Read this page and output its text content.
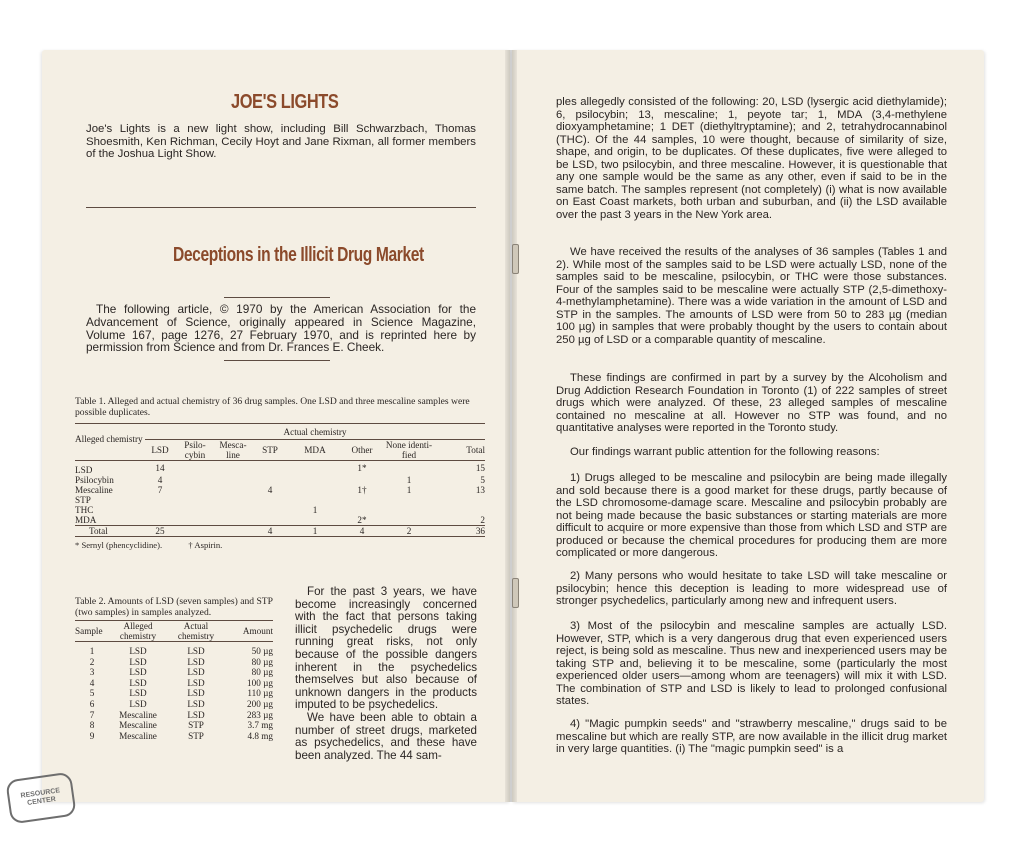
JOE'S LIGHTS

Joe's Lights is a new light show, including Bill Schwarzbach, Thomas Shoesmith, Ken Richman, Cecily Hoyt and Jane Rixman, all former members of the Joshua Light Show.

Deceptions in the Illicit Drug Market

The following article, © 1970 by the American Association for the Advancement of Science, originally appeared in Science Magazine, Volume 167, page 1276, 27 February 1970, and is reprinted here by permission from Science and from Dr. Frances E. Cheek.

Table 1. Alleged and actual chemistry of 36 drug samples. One LSD and three mescaline samples were possible duplicates.

Alleged chemistry	Actual chemistry							
	LSD	Psilo-cybin	Mesca-line	STP	MDA	Other	None identi-fied	Total
LSD	14					1*		15
Psilocybin	4						1	5
Mescaline	7			4		1†	1	13
STP								
THC					1			
MDA						2*		2
Total	25			4	1	4	2	36
* Sernyl (phencyclidine). † Aspirin.								

Table 2. Amounts of LSD (seven samples) and STP (two samples) in samples analyzed.

Sample	Alleged chemistry	Actual chemistry	Amount
1	LSD	LSD	50 µg
2	LSD	LSD	80 µg
3	LSD	LSD	80 µg
4	LSD	LSD	100 µg
5	LSD	LSD	110 µg
6	LSD	LSD	200 µg
7	Mescaline	LSD	283 µg
8	Mescaline	STP	3.7 mg
9	Mescaline	STP	4.8 mg

For the past 3 years, we have become increasingly concerned with the fact that persons taking illicit psychedelic drugs were running great risks, not only because of the possible dangers inherent in the psychedelics themselves but also because of unknown dangers in the products imputed to be psychedelics.

We have been able to obtain a number of street drugs, marketed as psychedelics, and these have been analyzed. The 44 sam-

ples allegedly consisted of the following: 20, LSD (lysergic acid diethylamide); 6, psilocybin; 13, mescaline; 1, peyote tar; 1, MDA (3,4-methylene dioxyamphetamine; 1 DET (diethyltryptamine); and 2, tetrahydrocannabinol (THC). Of the 44 samples, 10 were thought, because of similarity of size, shape, and origin, to be duplicates. Of these duplicates, five were alleged to be LSD, two psilocybin, and three mescaline. However, it is questionable that any one sample would be the same as any other, even if said to be in the same batch. The samples represent (not completely) (i) what is now available on East Coast markets, both urban and suburban, and (ii) the LSD available over the past 3 years in the New York area.

We have received the results of the analyses of 36 samples (Tables 1 and 2). While most of the samples said to be LSD were actually LSD, none of the samples said to be mescaline, psilocybin, or THC were those substances. Four of the samples said to be mescaline were actually STP (2,5-dimethoxy-4-methylamphetamine). There was a wide variation in the amount of LSD and STP in the samples. The amounts of LSD were from 50 to 283 µg (median 100 µg) in samples that were probably thought by the users to contain about 250 µg of LSD or a comparable quantity of mescaline.

These findings are confirmed in part by a survey by the Alcoholism and Drug Addiction Research Foundation in Toronto (1) of 222 samples of street drugs which were analyzed. Of these, 23 alleged samples of mescaline contained no mescaline at all. However no STP was found, and no quantitative analyses were reported in the Toronto study.

Our findings warrant public attention for the following reasons:

1) Drugs alleged to be mescaline and psilocybin are being made illegally and sold because there is a good market for these drugs, partly because of the LSD chromosome-damage scare. Mescaline and psilocybin probably are not being made because the basic substances or starting materials are more difficult to acquire or more expensive than those from which LSD and STP are produced or because the chemical procedures for producing them are more complicated or more dangerous.

2) Many persons who would hesitate to take LSD will take mescaline or psilocybin; hence this deception is leading to more widespread use of stronger psychedelics, particularly among new and infrequent users.

3) Most of the psilocybin and mescaline samples are actually LSD. However, STP, which is a very dangerous drug that even experienced users reject, is being sold as mescaline. Thus new and inexperienced users may be taking STP and, believing it to be mescaline, some (particularly the most experienced older users—among whom are teenagers) will mix it with LSD. The combination of STP and LSD is likely to lead to prolonged confusional states.

4) "Magic pumpkin seeds" and "strawberry mescaline," drugs said to be mescaline but which are really STP, are now available in the illicit drug market in very large quantities. (i) The "magic pumpkin seed" is a

RESOURCE CENTER
